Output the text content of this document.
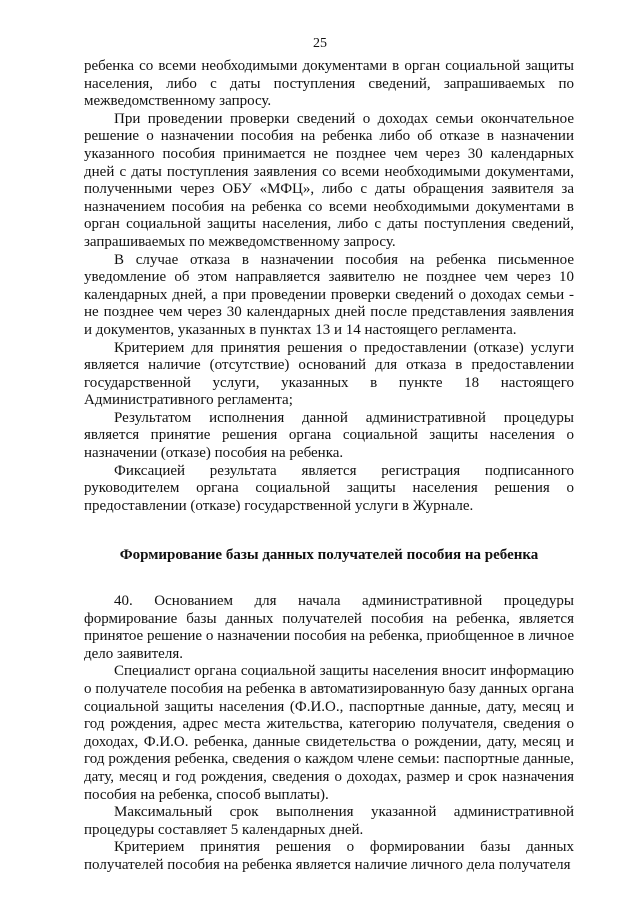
25

ребенка со всеми необходимыми документами в орган социальной защиты населения, либо с даты поступления сведений, запрашиваемых по межведомственному запросу.

При проведении проверки сведений о доходах семьи окончательное решение о назначении пособия на ребенка либо об отказе в назначении указанного пособия принимается не позднее чем через 30 календарных дней с даты поступления заявления со всеми необходимыми документами, полученными через ОБУ «МФЦ», либо с даты обращения заявителя за назначением пособия на ребенка со всеми необходимыми документами в орган социальной защиты населения, либо с даты поступления сведений, запрашиваемых по межведомственному запросу.

В случае отказа в назначении пособия на ребенка письменное уведомление об этом направляется заявителю не позднее чем через 10 календарных дней, а при проведении проверки сведений о доходах семьи - не позднее чем через 30 календарных дней после представления заявления и документов, указанных в пунктах 13 и 14 настоящего регламента.

Критерием для принятия решения о предоставлении (отказе) услуги является наличие (отсутствие) оснований для отказа в предоставлении государственной услуги, указанных в пункте 18 настоящего Административного регламента;

Результатом исполнения данной административной процедуры является принятие решения органа социальной защиты населения о назначении (отказе) пособия на ребенка.

Фиксацией результата является регистрация подписанного руководителем органа социальной защиты населения решения о предоставлении (отказе) государственной услуги в Журнале.

Формирование базы данных получателей пособия на ребенка

40. Основанием для начала административной процедуры формирование базы данных получателей пособия на ребенка, является принятое решение о назначении пособия на ребенка, приобщенное в личное дело заявителя.

Специалист органа социальной защиты населения вносит информацию о получателе пособия на ребенка в автоматизированную базу данных органа социальной защиты населения (Ф.И.О., паспортные данные, дату, месяц и год рождения, адрес места жительства, категорию получателя, сведения о доходах, Ф.И.О. ребенка, данные свидетельства о рождении, дату, месяц и год рождения ребенка, сведения о каждом члене семьи: паспортные данные, дату, месяц и год рождения, сведения о доходах, размер и срок назначения пособия на ребенка, способ выплаты).

Максимальный срок выполнения указанной административной процедуры составляет 5 календарных дней.

Критерием принятия решения о формировании базы данных получателей пособия на ребенка является наличие личного дела получателя
